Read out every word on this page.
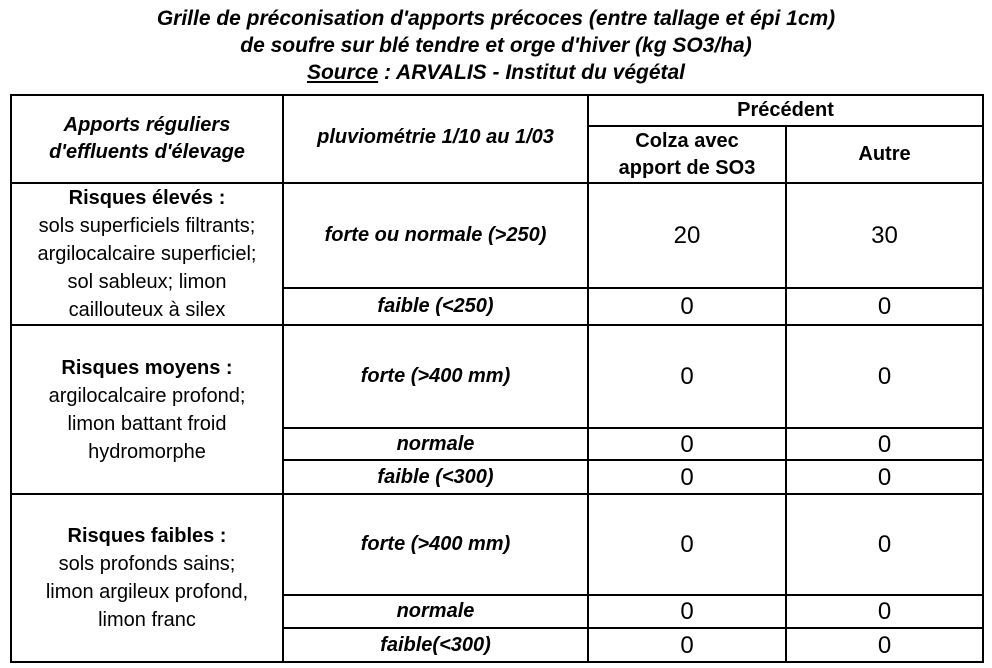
Grille de préconisation d'apports précoces (entre tallage et épi 1cm)
de soufre sur blé tendre et orge d'hiver (kg SO3/ha)
Source : ARVALIS - Institut du végétal
Apports réguliers
d'effluents d'élevage	pluviométrie 1/10 au 1/03	Précédent	

		Colza avec
apport de SO3	Autre

Risques élevés :
sols superficiels filtrants;
argilocalcaire superficiel;
sol sableux; limon
caillouteux à silex	forte ou normale (>250)	20	30
	faible (<250)	0	0

Risques moyens :
argilocalcaire profond;
limon battant froid
hydromorphe	forte (>400 mm)	0	0
	normale	0	0
	faible (<300)	0	0

Risques faibles :
sols profonds sains;
limon argileux profond,
limon franc	forte (>400 mm)	0	0
	normale	0	0
	faible(<300)	0	0
